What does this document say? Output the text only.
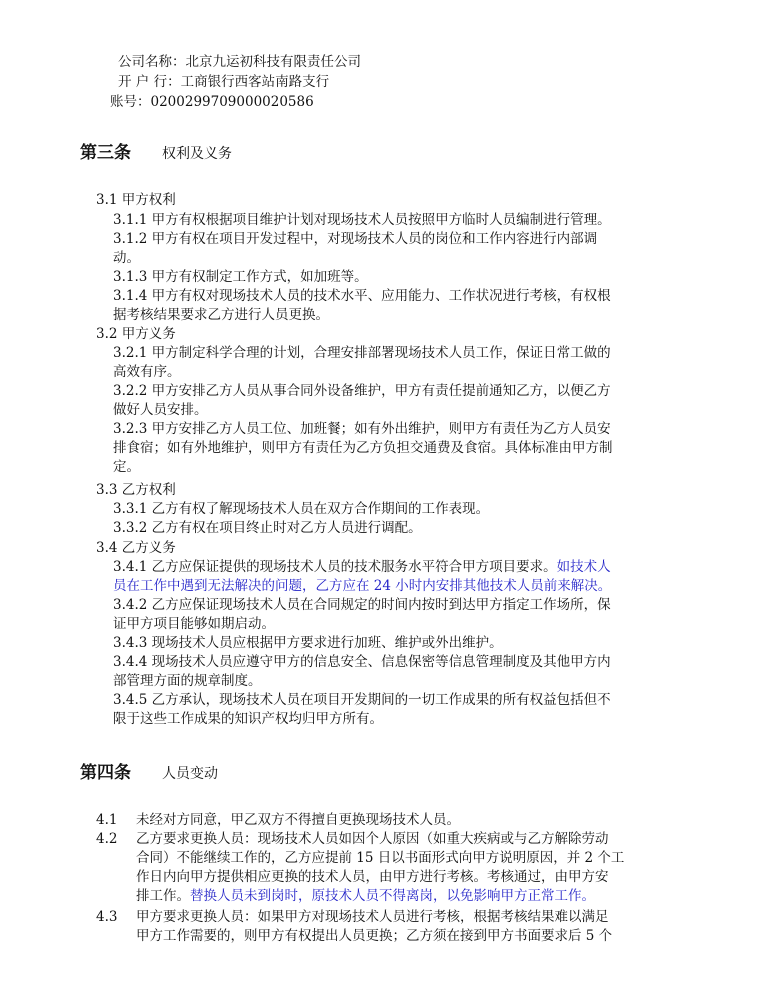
公司名称：北京九运初科技有限责任公司
开 户 行：工商银行西客站南路支行
账号：0200299709000020586
第三条 权利及义务
3.1 甲方权利
3.1.1 甲方有权根据项目维护计划对现场技术人员按照甲方临时人员编制进行管理。
3.1.2 甲方有权在项目开发过程中，对现场技术人员的岗位和工作内容进行内部调
动。
3.1.3 甲方有权制定工作方式，如加班等。
3.1.4 甲方有权对现场技术人员的技术水平、应用能力、工作状况进行考核，有权根
据考核结果要求乙方进行人员更换。
3.2 甲方义务
3.2.1 甲方制定科学合理的计划，合理安排部署现场技术人员工作，保证日常工做的
高效有序。
3.2.2 甲方安排乙方人员从事合同外设备维护，甲方有责任提前通知乙方，以便乙方
做好人员安排。
3.2.3 甲方安排乙方人员工位、加班餐；如有外出维护，则甲方有责任为乙方人员安
排食宿；如有外地维护，则甲方有责任为乙方负担交通费及食宿。具体标准由甲方制
定。
3.3 乙方权利
3.3.1 乙方有权了解现场技术人员在双方合作期间的工作表现。
3.3.2 乙方有权在项目终止时对乙方人员进行调配。
3.4 乙方义务
3.4.1 乙方应保证提供的现场技术人员的技术服务水平符合甲方项目要求。如技术人
员在工作中遇到无法解决的问题，乙方应在 24 小时内安排其他技术人员前来解决。
3.4.2 乙方应保证现场技术人员在合同规定的时间内按时到达甲方指定工作场所，保
证甲方项目能够如期启动。
3.4.3 现场技术人员应根据甲方要求进行加班、维护或外出维护。
3.4.4 现场技术人员应遵守甲方的信息安全、信息保密等信息管理制度及其他甲方内
部管理方面的规章制度。
3.4.5 乙方承认，现场技术人员在项目开发期间的一切工作成果的所有权益包括但不
限于这些工作成果的知识产权均归甲方所有。
第四条 人员变动
4.1 未经对方同意，甲乙双方不得擅自更换现场技术人员。
4.2 乙方要求更换人员：现场技术人员如因个人原因（如重大疾病或与乙方解除劳动
合同）不能继续工作的，乙方应提前 15 日以书面形式向甲方说明原因，并 2 个工
作日内向甲方提供相应更换的技术人员，由甲方进行考核。考核通过，由甲方安
排工作。替换人员未到岗时，原技术人员不得离岗，以免影响甲方正常工作。
4.3 甲方要求更换人员：如果甲方对现场技术人员进行考核，根据考核结果难以满足
甲方工作需要的，则甲方有权提出人员更换；乙方须在接到甲方书面要求后 5 个
